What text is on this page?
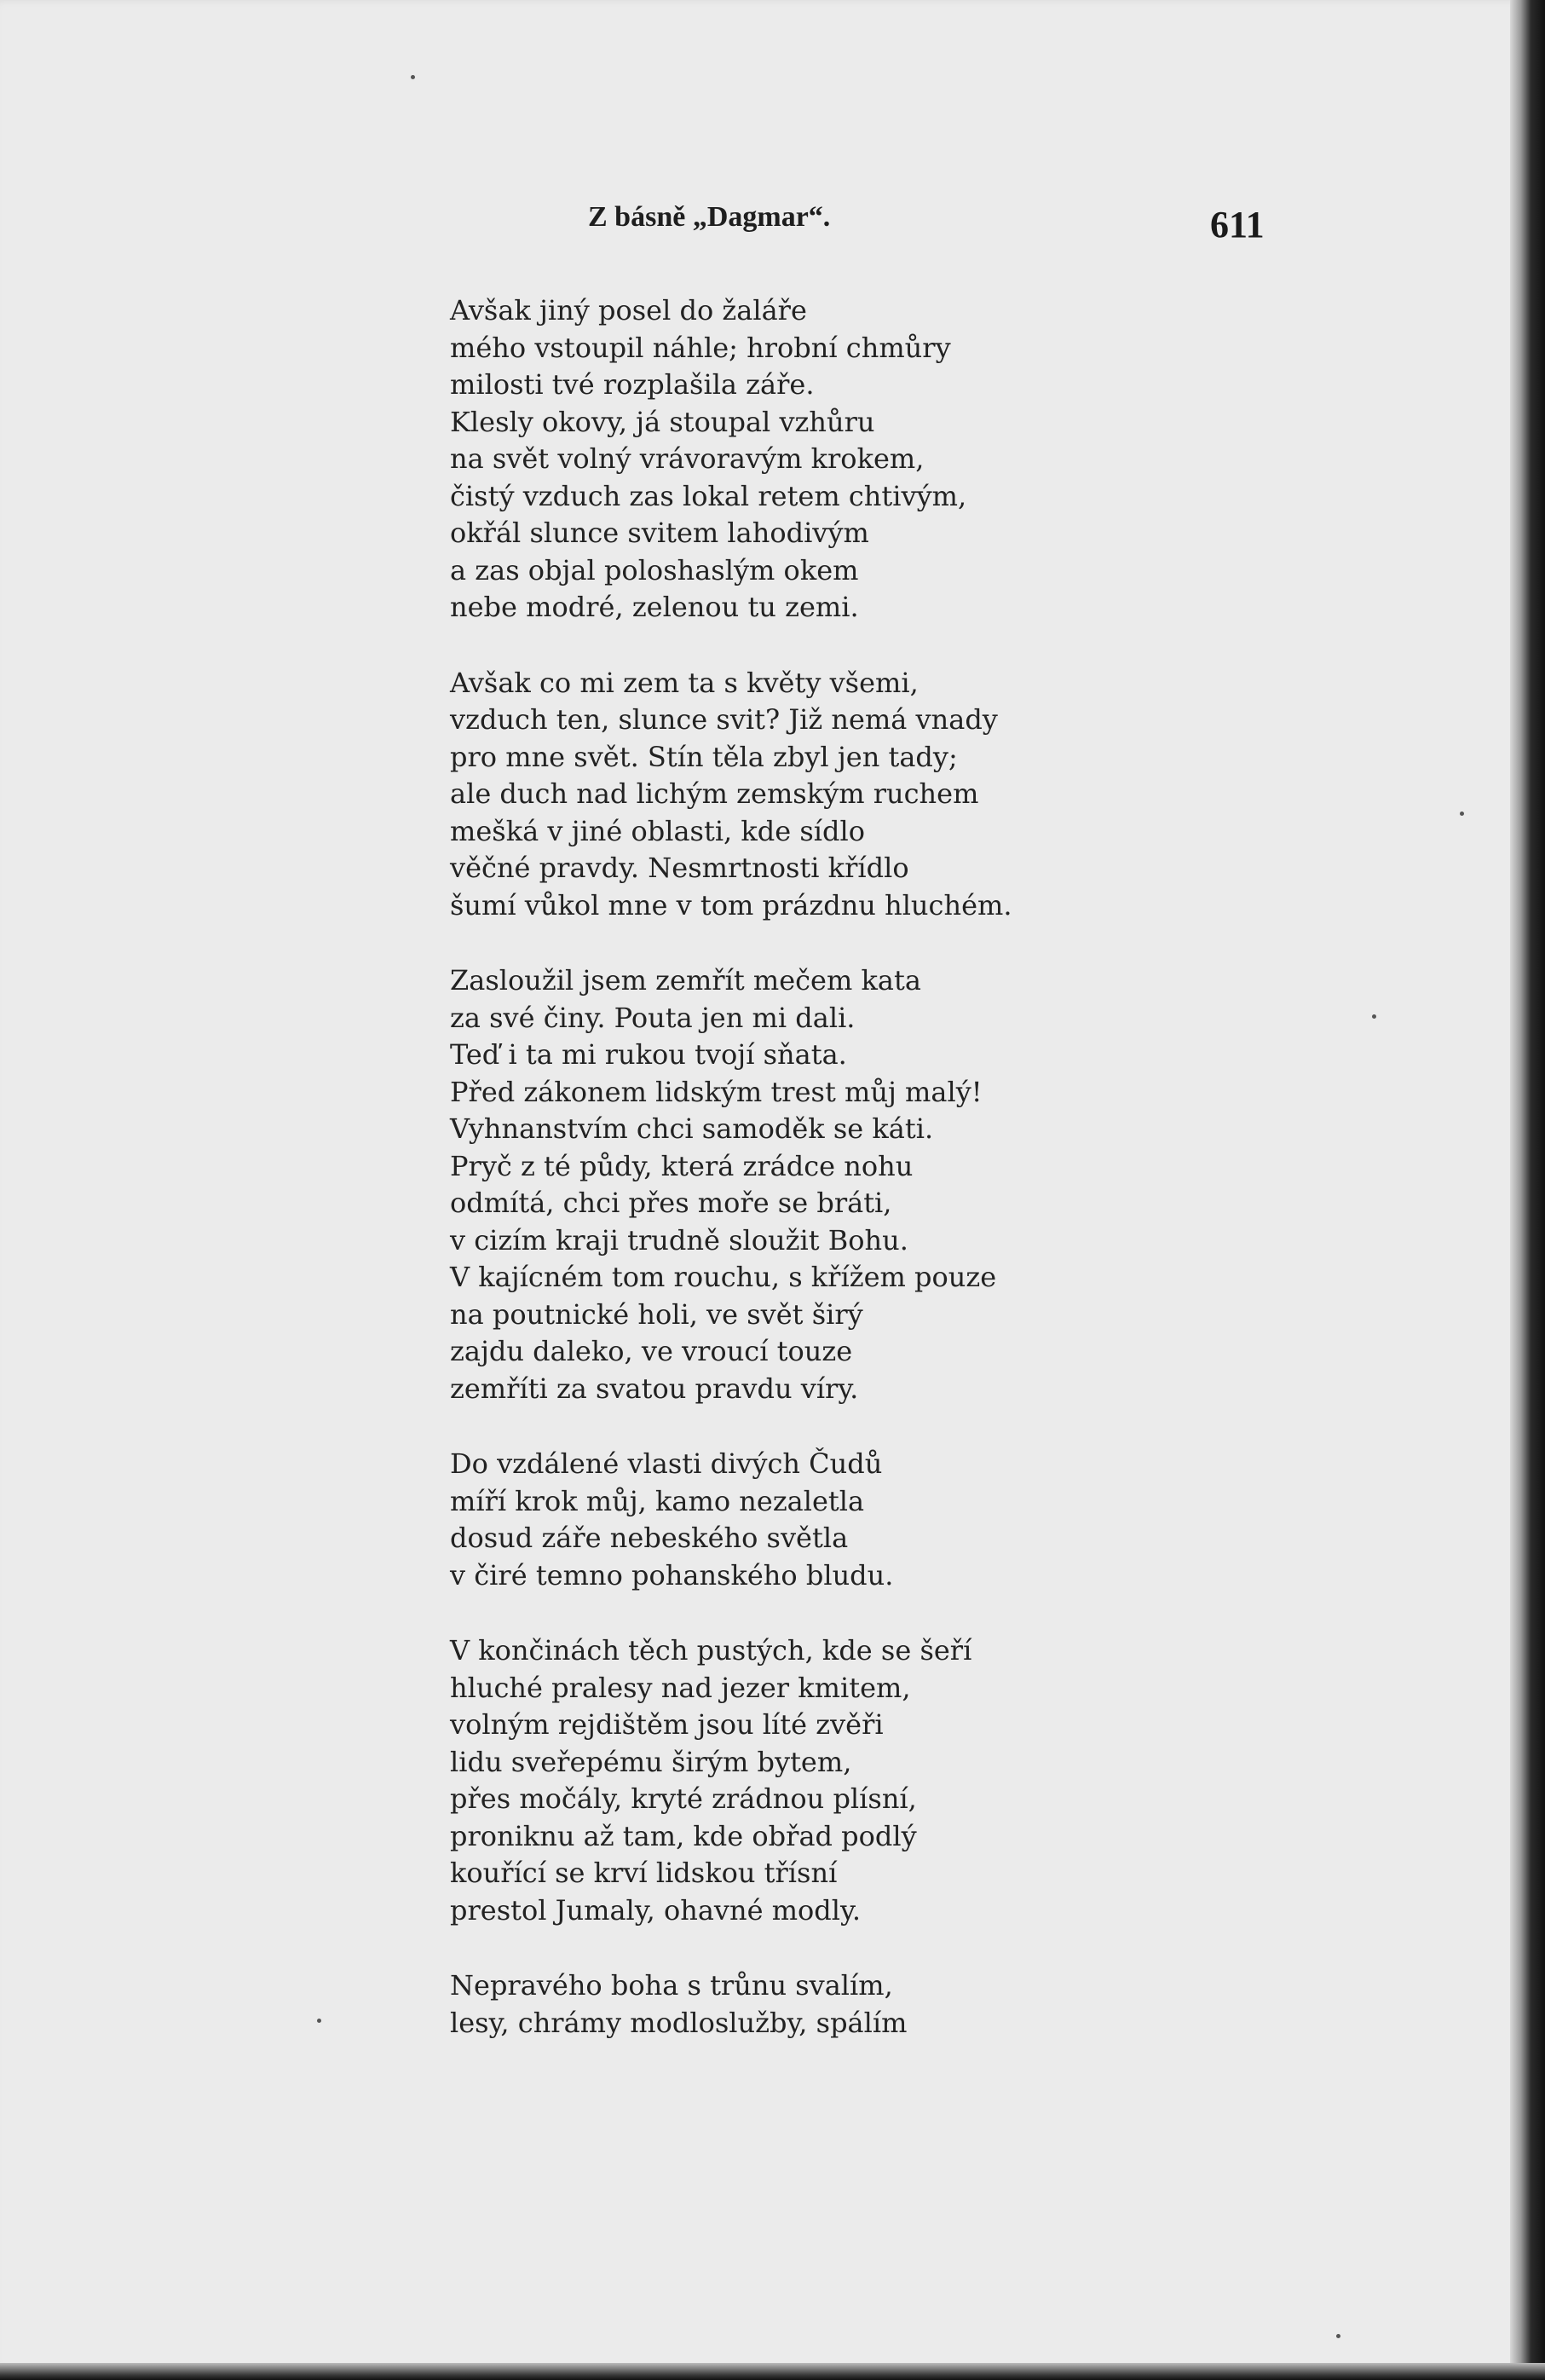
Z básně „Dagmar“.	611
Avšak jiný posel do žaláře
mého vstoupil náhle; hrobní chmůry
milosti tvé rozplašila záře.
Klesly okovy, já stoupal vzhůru
na svět volný vrávoravým krokem,
čistý vzduch zas lokal retem chtivým,
okřál slunce svitem lahodivým
a zas objal poloshaslým okem
nebe modré, zelenou tu zemi.
Avšak co mi zem ta s květy všemi,
vzduch ten, slunce svit? Již nemá vnady
pro mne svět. Stín těla zbyl jen tady;
ale duch nad lichým zemským ruchem
mešká v jiné oblasti, kde sídlo
věčné pravdy. Nesmrtnosti křídlo
šumí vůkol mne v tom prázdnu hluchém.
Zasloužil jsem zemřít mečem kata
za své činy. Pouta jen mi dali.
Teď i ta mi rukou tvojí sňata.
Před zákonem lidským trest můj malý!
Vyhnanstvím chci samoděk se káti.
Pryč z té půdy, která zrádce nohu
odmítá, chci přes moře se bráti,
v cizím kraji trudně sloužit Bohu.
V kajícném tom rouchu, s křížem pouze
na poutnické holi, ve svět širý
zajdu daleko, ve vroucí touze
zemříti za svatou pravdu víry.
Do vzdálené vlasti divých Čudů
míří krok můj, kamo nezaletla
dosud záře nebeského světla
v čiré temno pohanského bludu.
V končinách těch pustých, kde se šeří
hluché pralesy nad jezer kmitem,
volným rejdištěm jsou líté zvěři
lidu sveřepému širým bytem,
přes močály, kryté zrádnou plísní,
proniknu až tam, kde obřad podlý
kouřící se krví lidskou třísní
prestol Jumaly, ohavné modly.
Nepravého boha s trůnu svalím,
lesy, chrámy modloslužby, spálím
